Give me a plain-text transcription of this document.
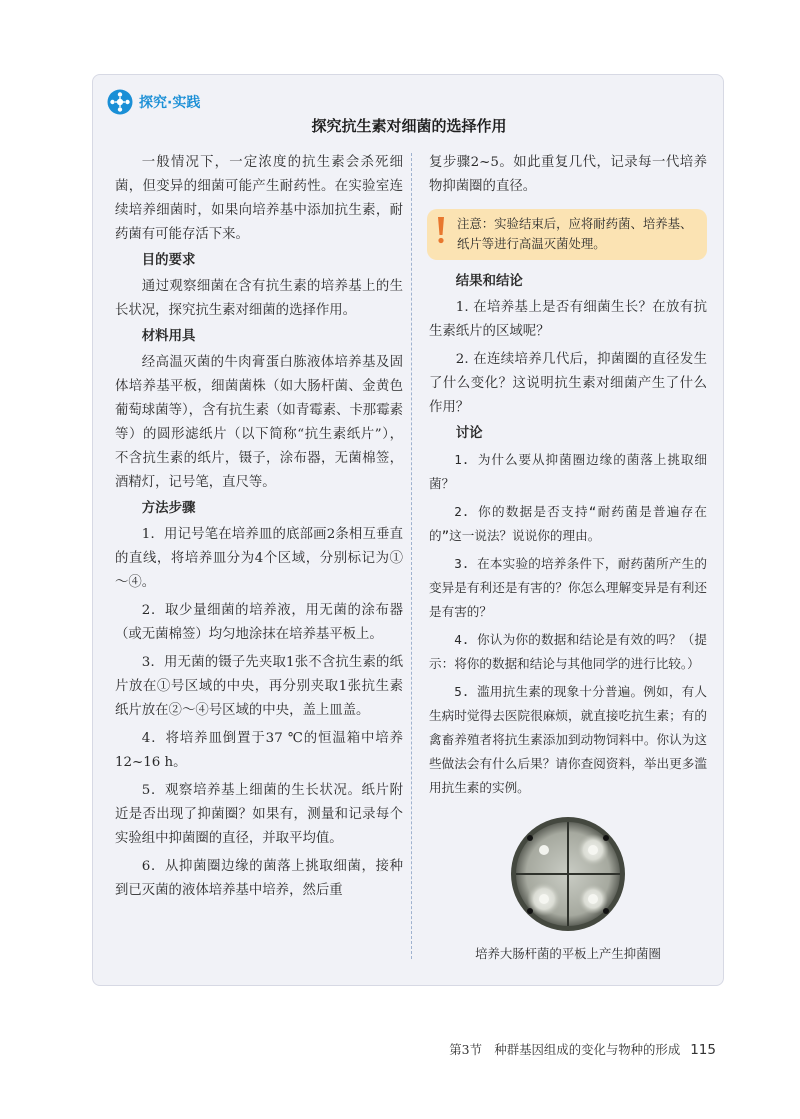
探究·实践
探究抗生素对细菌的选择作用

一般情况下，一定浓度的抗生素会杀死细菌，但变异的细菌可能产生耐药性。在实验室连续培养细菌时，如果向培养基中添加抗生素，耐药菌有可能存活下来。

目的要求

通过观察细菌在含有抗生素的培养基上的生长状况，探究抗生素对细菌的选择作用。

材料用具

经高温灭菌的牛肉膏蛋白胨液体培养基及固体培养基平板，细菌菌株（如大肠杆菌、金黄色葡萄球菌等），含有抗生素（如青霉素、卡那霉素等）的圆形滤纸片（以下简称“抗生素纸片”），不含抗生素的纸片，镊子，涂布器，无菌棉签，酒精灯，记号笔，直尺等。

方法步骤

1．用记号笔在培养皿的底部画2条相互垂直的直线，将培养皿分为4个区域，分别标记为①～④。

2．取少量细菌的培养液，用无菌的涂布器（或无菌棉签）均匀地涂抹在培养基平板上。

3．用无菌的镊子先夹取1张不含抗生素的纸片放在①号区域的中央，再分别夹取1张抗生素纸片放在②～④号区域的中央，盖上皿盖。

4．将培养皿倒置于37 ℃的恒温箱中培养12~16 h。

5．观察培养基上细菌的生长状况。纸片附近是否出现了抑菌圈？如果有，测量和记录每个实验组中抑菌圈的直径，并取平均值。

6．从抑菌圈边缘的菌落上挑取细菌，接种到已灭菌的液体培养基中培养，然后重

复步骤2~5。如此重复几代，记录每一代培养物抑菌圈的直径。

注意：实验结束后，应将耐药菌、培养基、纸片等进行高温灭菌处理。
结果和结论

1. 在培养基上是否有细菌生长？在放有抗生素纸片的区域呢？

2. 在连续培养几代后，抑菌圈的直径发生了什么变化？这说明抗生素对细菌产生了什么作用？

讨论

1. 为什么要从抑菌圈边缘的菌落上挑取细菌？

2. 你的数据是否支持“耐药菌是普遍存在的”这一说法？说说你的理由。

3. 在本实验的培养条件下，耐药菌所产生的变异是有利还是有害的？你怎么理解变异是有利还是有害的？

4. 你认为你的数据和结论是有效的吗？（提示：将你的数据和结论与其他同学的进行比较。）

5. 滥用抗生素的现象十分普遍。例如，有人生病时觉得去医院很麻烦，就直接吃抗生素；有的禽畜养殖者将抗生素添加到动物饲料中。你认为这些做法会有什么后果？请你查阅资料，举出更多滥用抗生素的实例。

培养大肠杆菌的平板上产生抑菌圈
第3节　种群基因组成的变化与物种的形成 115
